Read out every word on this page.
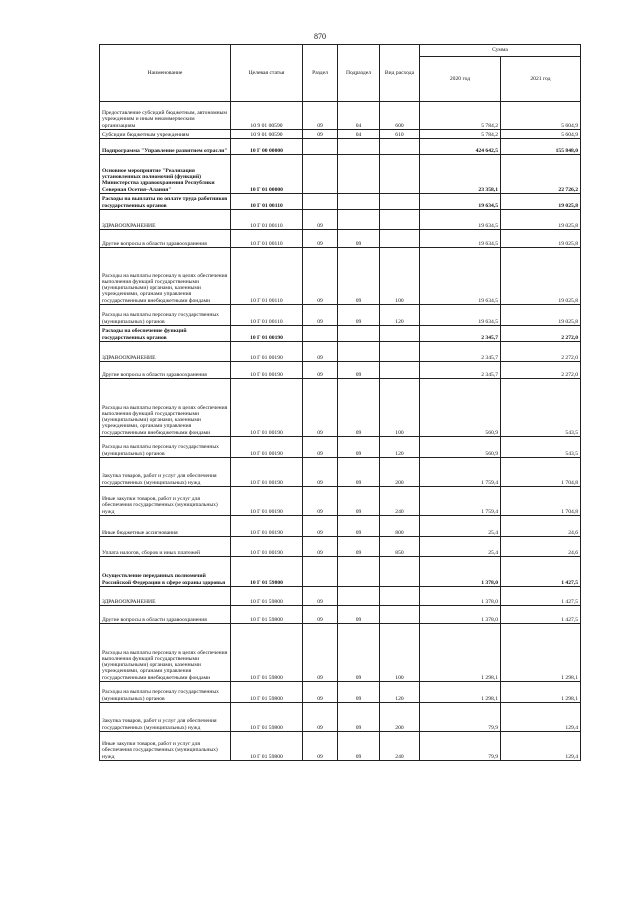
870
Наименование	Целевая статья	Раздел	Подраздел	Вид расхода	Сумма	
					2020 год	2021 год
Предоставление субсидий бюджетным, автономным учреждениям и иным некоммерческим организациям	10 9 01 00590	09	04	600	5 784,2	5 604,9
Субсидии бюджетным учреждениям	10 9 01 00590	09	04	610	5 784,2	5 604,9
Подпрограмма "Управление развитием отрасли"	10 Г 00 00000				424 642,5	155 848,0
Основное мероприятие "Реализация установленных полномочий (функций) Министерства здравоохранения Республики Северная Осетия–Алания"	10 Г 01 00000				23 358,1	22 726,2
Расходы на выплаты по оплате труда работников государственных органов	10 Г 01 00110				19 634,5	19 025,8
ЗДРАВООХРАНЕНИЕ	10 Г 01 00110	09			19 634,5	19 025,8
Другие вопросы в области здравоохранения	10 Г 01 00110	09	09		19 634,5	19 025,8
Расходы на выплаты персоналу в целях обеспечения выполнения функций государственными (муниципальными) органами, казенными учреждениями, органами управления государственными внебюджетными фондами	10 Г 01 00110	09	09	100	19 634,5	19 025,8
Расходы на выплаты персоналу государственных (муниципальных) органов	10 Г 01 00110	09	09	120	19 634,5	19 025,8
Расходы на обеспечение функций государственных органов	10 Г 01 00190				2 345,7	2 272,0
ЗДРАВООХРАНЕНИЕ	10 Г 01 00190	09			2 345,7	2 272,0
Другие вопросы в области здравоохранения	10 Г 01 00190	09	09		2 345,7	2 272,0
Расходы на выплаты персоналу в целях обеспечения выполнения функций государственными (муниципальными) органами, казенными учреждениями, органами управления государственными внебюджетными фондами	10 Г 01 00190	09	09	100	560,9	543,5
Расходы на выплаты персоналу государственных (муниципальных) органов	10 Г 01 00190	09	09	120	560,9	543,5
Закупка товаров, работ и услуг для обеспечения государственных (муниципальных) нужд	10 Г 01 00190	09	09	200	1 759,4	1 704,8
Иные закупки товаров, работ и услуг для обеспечения государственных (муниципальных) нужд	10 Г 01 00190	09	09	240	1 759,4	1 704,8
Иные бюджетные ассигнования	10 Г 01 00190	09	09	800	25,4	24,6
Уплата налогов, сборов и иных платежей	10 Г 01 00190	09	09	850	25,4	24,6
Осуществление переданных полномочий Российской Федерации в сфере охраны здоровья	10 Г 01 59800				1 378,0	1 427,5
ЗДРАВООХРАНЕНИЕ	10 Г 01 59800	09			1 378,0	1 427,5
Другие вопросы в области здравоохранения	10 Г 01 59800	09	09		1 378,0	1 427,5
Расходы на выплаты персоналу в целях обеспечения выполнения функций государственными (муниципальными) органами, казенными учреждениями, органами управления государственными внебюджетными фондами	10 Г 01 59800	09	09	100	1 298,1	1 298,1
Расходы на выплаты персоналу государственных (муниципальных) органов	10 Г 01 59800	09	09	120	1 298,1	1 298,1
Закупка товаров, работ и услуг для обеспечения государственных (муниципальных) нужд	10 Г 01 59800	09	09	200	79,9	129,4
Иные закупки товаров, работ и услуг для обеспечения государственных (муниципальных) нужд	10 Г 01 59800	09	09	240	79,9	129,4
